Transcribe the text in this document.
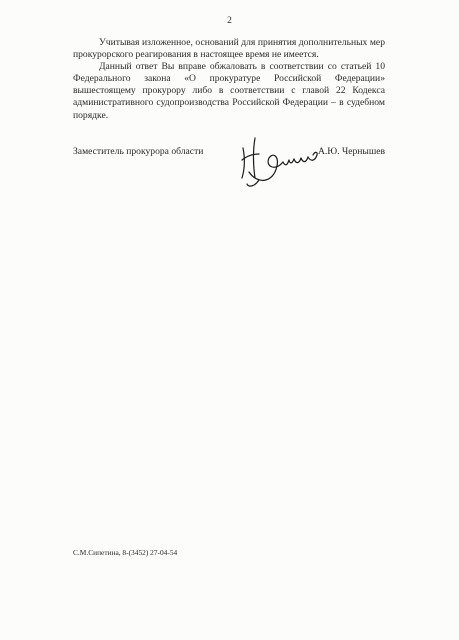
2

Учитывая изложенное, оснований для принятия дополнительных мер прокурорского реагирования в настоящее время не имеется.

Данный ответ Вы вправе обжаловать в соответствии со статьей 10 Федерального закона «О прокуратуре Российской Федерации» вышестоящему прокурору либо в соответствии с главой 22 Кодекса административного судопроизводства Российской Федерации – в судебном порядке.

Заместитель прокурора области	А.Ю. Чернышев
С.М.Сипетина, 8-(3452) 27-04-54
